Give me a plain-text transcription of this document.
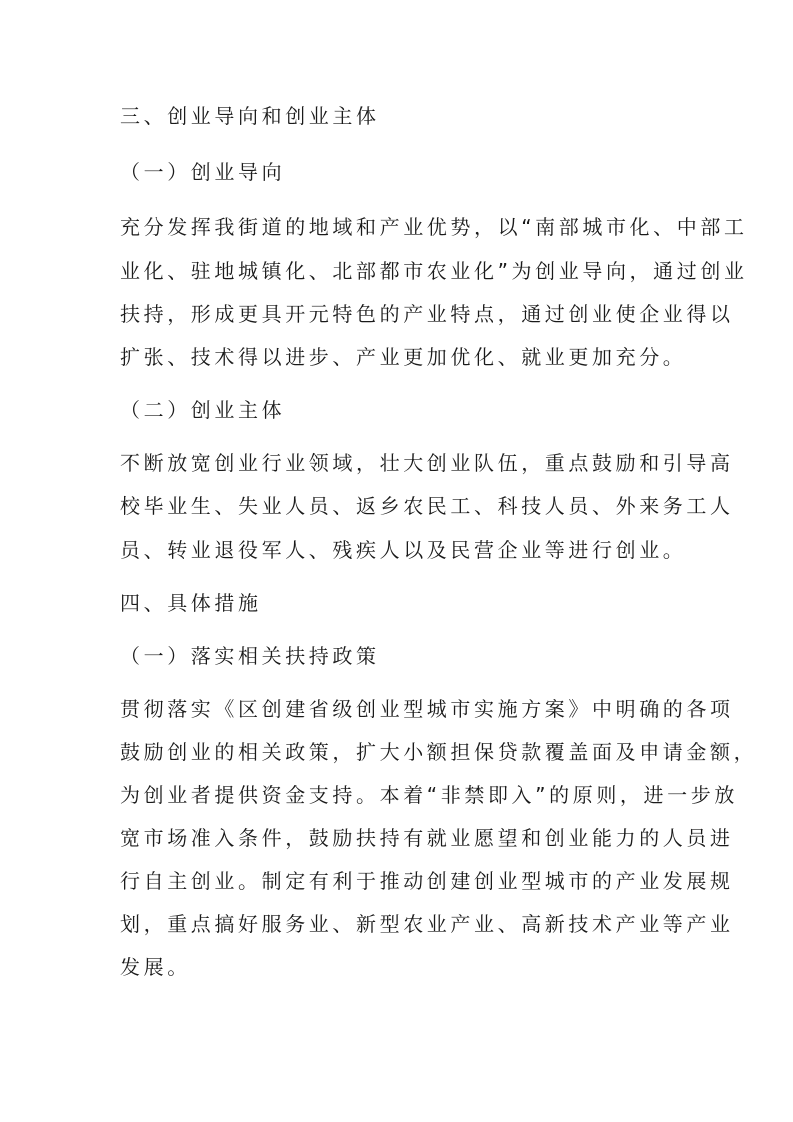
三、创业导向和创业主体
（一）创业导向
充分发挥我街道的地域和产业优势，以“南部城市化、中部工
业化、驻地城镇化、北部都市农业化”为创业导向，通过创业
扶持，形成更具开元特色的产业特点，通过创业使企业得以
扩张、技术得以进步、产业更加优化、就业更加充分。
（二）创业主体
不断放宽创业行业领域，壮大创业队伍，重点鼓励和引导高
校毕业生、失业人员、返乡农民工、科技人员、外来务工人
员、转业退役军人、残疾人以及民营企业等进行创业。
四、具体措施
（一）落实相关扶持政策
贯彻落实《区创建省级创业型城市实施方案》中明确的各项
鼓励创业的相关政策，扩大小额担保贷款覆盖面及申请金额，
为创业者提供资金支持。本着“非禁即入”的原则，进一步放
宽市场准入条件，鼓励扶持有就业愿望和创业能力的人员进
行自主创业。制定有利于推动创建创业型城市的产业发展规
划，重点搞好服务业、新型农业产业、高新技术产业等产业
发展。
